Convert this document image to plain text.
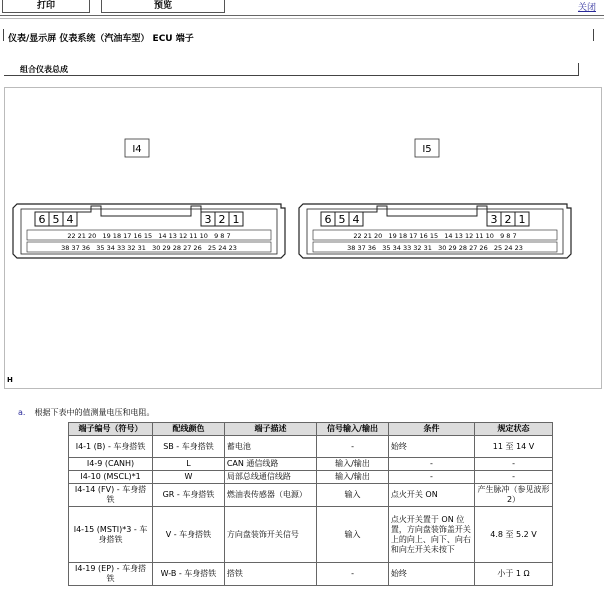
打印	预览	关闭
仪表/显示屏 仪表系统（汽油车型） ECU 端子
组合仪表总成
I4
6 5 4	3 2 1
22 21 20   19 18 17 16 15   14 13 12 11 10   9 8 7
38 37 36   35 34 33 32 31   30 29 28 27 26   25 24 23
I5
6 5 4	3 2 1
22 21 20   19 18 17 16 15   14 13 12 11 10   9 8 7
38 37 36   35 34 33 32 31   30 29 28 27 26   25 24 23
H
a. 根据下表中的值测量电压和电阻。
端子编号（符号）	配线颜色	端子描述	信号输入/输出	条件	规定状态
I4-1 (B) - 车身搭铁	SB - 车身搭铁	蓄电池	-	始终	11 至 14 V
I4-9 (CANH)	L	CAN 通信线路	输入/输出	-	-
I4-10 (MSCL)*1	W	局部总线通信线路	输入/输出	-	-
I4-14 (FV) - 车身搭铁	GR - 车身搭铁	燃油表传感器（电源）	输入	点火开关 ON	产生脉冲（参见波形 2）
I4-15 (MSTI)*3 - 车身搭铁	V - 车身搭铁	方向盘装饰开关信号	输入	点火开关置于 ON 位置，方向盘装饰盖开关上的向上、向下、向右和向左开关未按下	4.8 至 5.2 V
I4-19 (EP) - 车身搭铁	W-B - 车身搭铁	搭铁	-	始终	小于 1 Ω
